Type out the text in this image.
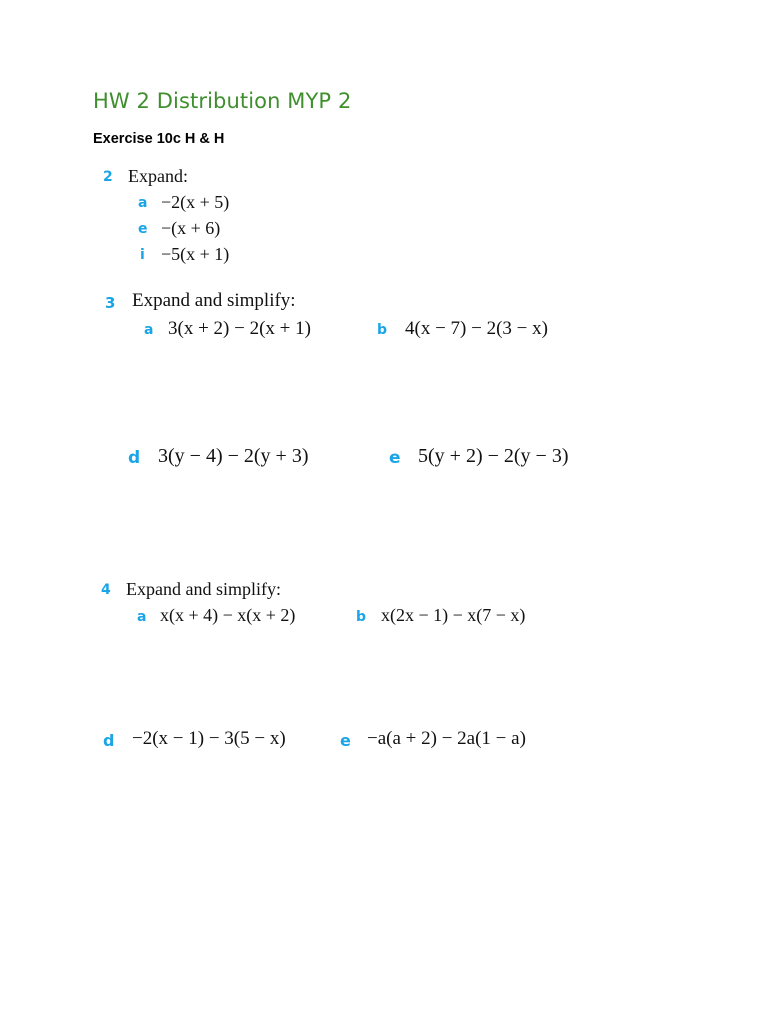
HW 2 Distribution MYP 2
Exercise 10c H & H
2 Expand:
a −2(x + 5)
e −(x + 6)
i −5(x + 1)
3 Expand and simplify:
a 3(x + 2) − 2(x + 1)	b 4(x − 7) − 2(3 − x)
d 3(y − 4) − 2(y + 3)	e 5(y + 2) − 2(y − 3)
4 Expand and simplify:
a x(x + 4) − x(x + 2)	b x(2x − 1) − x(7 − x)
d −2(x − 1) − 3(5 − x)	e −a(a + 2) − 2a(1 − a)
